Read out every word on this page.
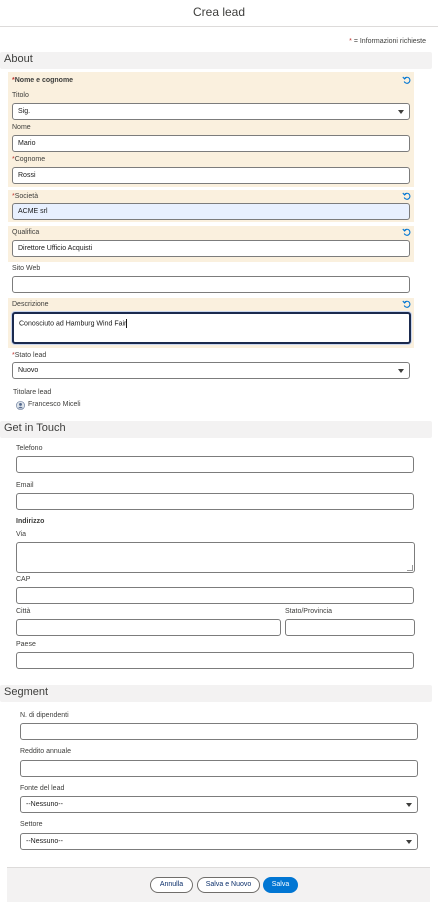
Crea lead
* = Informazioni richieste
About
*Nome e cognome
Titolo
Sig.
Nome
Mario
*Cognome
Rossi
*Società
ACME srl
Qualifica
Direttore Ufficio Acquisti
Sito Web
Descrizione
Conosciuto ad Hamburg Wind Fair
*Stato lead
Nuovo
Titolare lead
Francesco Miceli
Get in Touch
Telefono
Email
Indirizzo
Via
CAP
Città	Stato/Provincia
Paese
Segment
N. di dipendenti
Reddito annuale
Fonte del lead
--Nessuno--
Settore
--Nessuno--
Annulla	Salva e Nuovo	Salva
